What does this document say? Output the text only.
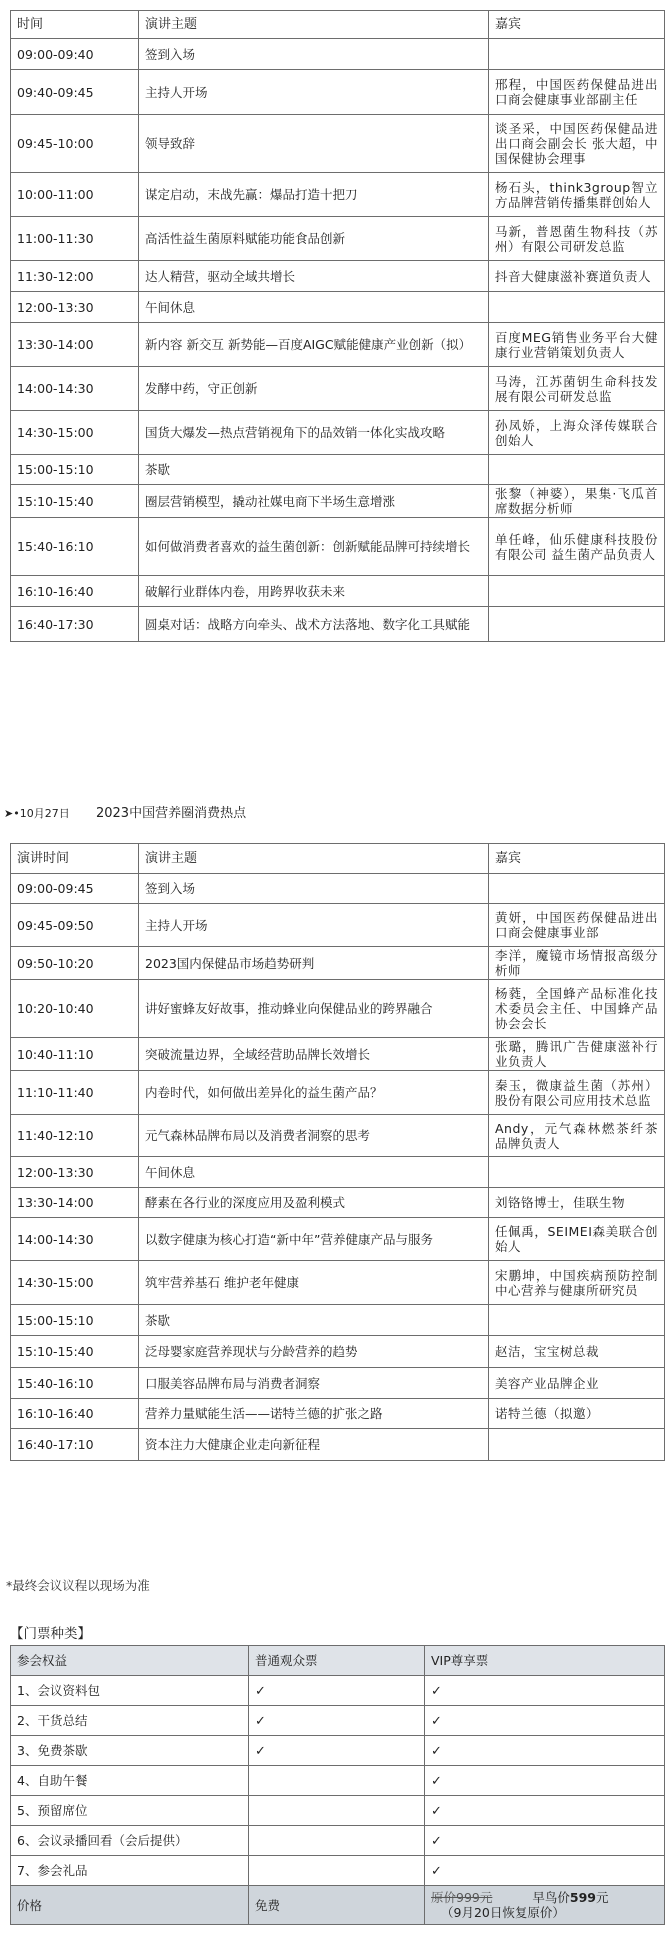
时间	演讲主题	嘉宾
09:00-09:40	签到入场	
09:40-09:45	主持人开场	邢程，中国医药保健品进出口商会健康事业部副主任
09:45-10:00	领导致辞	谈圣采，中国医药保健品进出口商会副会长 张大超，中国保健协会理事
10:00-11:00	谋定启动，末战先赢：爆品打造十把刀	杨石头，think3group智立方品牌营销传播集群创始人
11:00-11:30	高活性益生菌原料赋能功能食品创新	马新，普恩菌生物科技（苏州）有限公司研发总监
11:30-12:00	达人精营，驱动全域共增长	抖音大健康滋补赛道负责人
12:00-13:30	午间休息	
13:30-14:00	新内容 新交互 新势能—百度AIGC赋能健康产业创新（拟）	百度MEG销售业务平台大健康行业营销策划负责人
14:00-14:30	发酵中药，守正创新	马涛，江苏菌钥生命科技发展有限公司研发总监
14:30-15:00	国货大爆发—热点营销视角下的品效销一体化实战攻略	孙凤娇，上海众泽传媒联合创始人
15:00-15:10	茶歇	
15:10-15:40	圈层营销模型，撬动社媒电商下半场生意增涨	张黎（神婆），果集·飞瓜首席数据分析师
15:40-16:10	如何做消费者喜欢的益生菌创新：创新赋能品牌可持续增长	单任峰，仙乐健康科技股份有限公司 益生菌产品负责人
16:10-16:40	破解行业群体内卷，用跨界收获未来	
16:40-17:30	圆桌对话：战略方向牵头、战术方法落地、数字化工具赋能	
➤•10月27日 2023中国营养圈消费热点
演讲时间	演讲主题	嘉宾
09:00-09:45	签到入场	
09:45-09:50	主持人开场	黄妍，中国医药保健品进出口商会健康事业部
09:50-10:20	2023国内保健品市场趋势研判	李洋，魔镜市场情报高级分析师
10:20-10:40	讲好蜜蜂友好故事，推动蜂业向保健品业的跨界融合	杨蕤，全国蜂产品标准化技术委员会主任、中国蜂产品协会会长
10:40-11:10	突破流量边界，全域经营助品牌长效增长	张璐，腾讯广告健康滋补行业负责人
11:10-11:40	内卷时代，如何做出差异化的益生菌产品？	秦玉，微康益生菌（苏州）股份有限公司应用技术总监
11:40-12:10	元气森林品牌布局以及消费者洞察的思考	Andy，元气森林燃茶纤茶品牌负责人
12:00-13:30	午间休息	
13:30-14:00	酵素在各行业的深度应用及盈利模式	刘铬铬博士，佳联生物
14:00-14:30	以数字健康为核心打造“新中年”营养健康产品与服务	任佩禹，SEIMEI森美联合创始人
14:30-15:00	筑牢营养基石 维护老年健康	宋鹏坤，中国疾病预防控制中心营养与健康所研究员
15:00-15:10	茶歇	
15:10-15:40	泛母婴家庭营养现状与分龄营养的趋势	赵洁，宝宝树总裁
15:40-16:10	口服美容品牌布局与消费者洞察	美容产业品牌企业
16:10-16:40	营养力量赋能生活——诺特兰德的扩张之路	诺特兰德（拟邀）
16:40-17:10	资本注力大健康企业走向新征程	
*最终会议议程以现场为准
【门票种类】
参会权益	普通观众票	VIP尊享票
1、会议资料包	✓	✓
2、干货总结	✓	✓
3、免费茶歇	✓	✓
4、自助午餐		✓
5、预留席位		✓
6、会议录播回看（会后提供）		✓
7、参会礼品		✓
价格	免费	原价999元 早鸟价599元
（9月20日恢复原价）
